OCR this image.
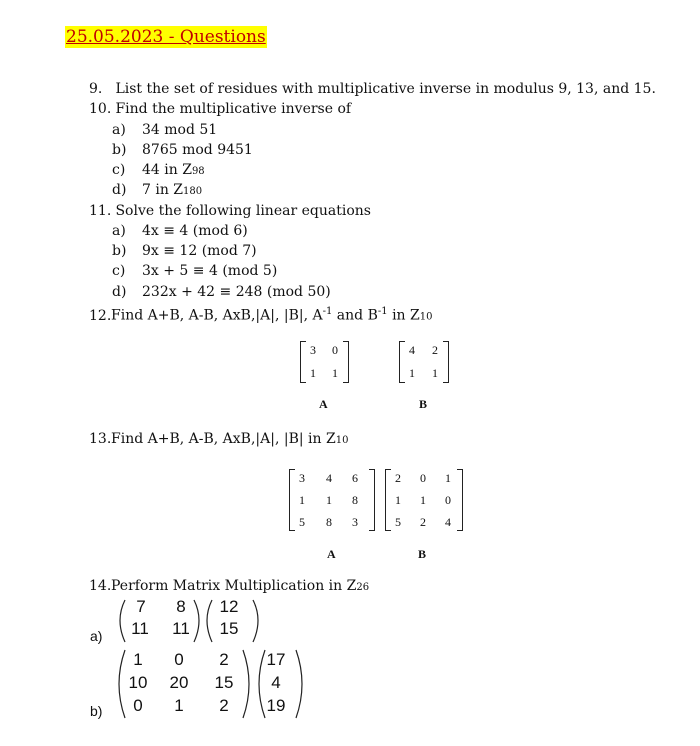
25.05.2023 - Questions
9. List the set of residues with multiplicative inverse in modulus 9, 13, and 15.
10. Find the multiplicative inverse of
a) 34 mod 51
b) 8765 mod 9451
c) 44 in Z98
d) 7 in Z180
11. Solve the following linear equations
a) 4x ≡ 4 (mod 6)
b) 9x ≡ 12 (mod 7)
c) 3x + 5 ≡ 4 (mod 5)
d) 232x + 42 ≡ 248 (mod 50)
12.Find A+B, A-B, AxB,|A|, |B|, $A^{-1}$ and $B^{-1}$ in Z10
3	0
1	1
A
4	2
1	1
B
13.Find A+B, A-B, AxB,|A|, |B| in Z10
3	4	6
1	1	8
5	8	3
A
2	0	1
1	1	0
5	2	4
B
14.Perform Matrix Multiplication in Z26
a)
7	8
11	11
12
15
b)
1	0	2
10	20	15
0	1	2
17
4
19
